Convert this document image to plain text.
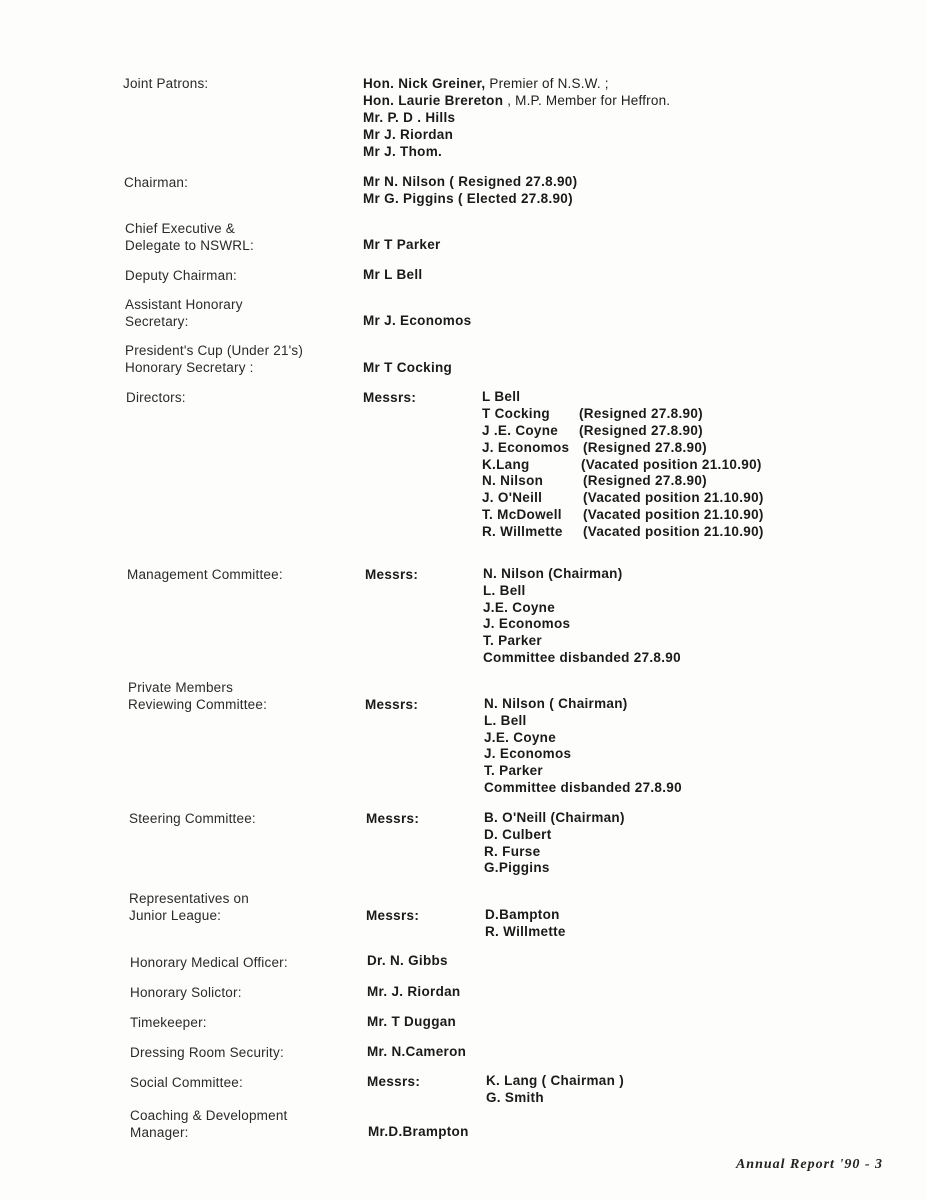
Joint Patrons:	Hon. Nick Greiner, Premier of N.S.W. ;
Hon. Laurie Brereton , M.P. Member for Heffron.
Mr. P. D . Hills
Mr J. Riordan
Mr J. Thom.
Chairman:	Mr N. Nilson ( Resigned 27.8.90)
Mr G. Piggins ( Elected 27.8.90)
Chief Executive &
Delegate to NSWRL:	Mr T Parker
Deputy Chairman:	Mr L Bell
Assistant Honorary
Secretary:	Mr J. Economos
President's Cup (Under 21's)
Honorary Secretary :	Mr T Cocking
Directors:	Messrs:	L Bell
T Cocking (Resigned 27.8.90)
J .E. Coyne (Resigned 27.8.90)
J. Economos (Resigned 27.8.90)
K.Lang	(Vacated position 21.10.90)
N. Nilson	(Resigned 27.8.90)
J. O'Neill	(Vacated position 21.10.90)
T. McDowell (Vacated position 21.10.90)
R. Willmette (Vacated position 21.10.90)
Management Committee:	Messrs:	N. Nilson (Chairman)
L. Bell
J.E. Coyne
J. Economos
T. Parker
Committee disbanded 27.8.90
Private Members
Reviewing Committee:	Messrs:	N. Nilson ( Chairman)
L. Bell
J.E. Coyne
J. Economos
T. Parker
Committee disbanded 27.8.90
Steering Committee:	Messrs:	B. O'Neill (Chairman)
D. Culbert
R. Furse
G.Piggins
Representatives on
Junior League:	Messrs:	D.Bampton
R. Willmette
Honorary Medical Officer:	Dr. N. Gibbs
Honorary Solictor:	Mr. J. Riordan
Timekeeper:	Mr. T Duggan
Dressing Room Security:	Mr. N.Cameron
Social Committee:	Messrs:	K. Lang ( Chairman )
G. Smith
Coaching & Development
Manager:	Mr.D.Brampton
Annual Report '90 - 3
